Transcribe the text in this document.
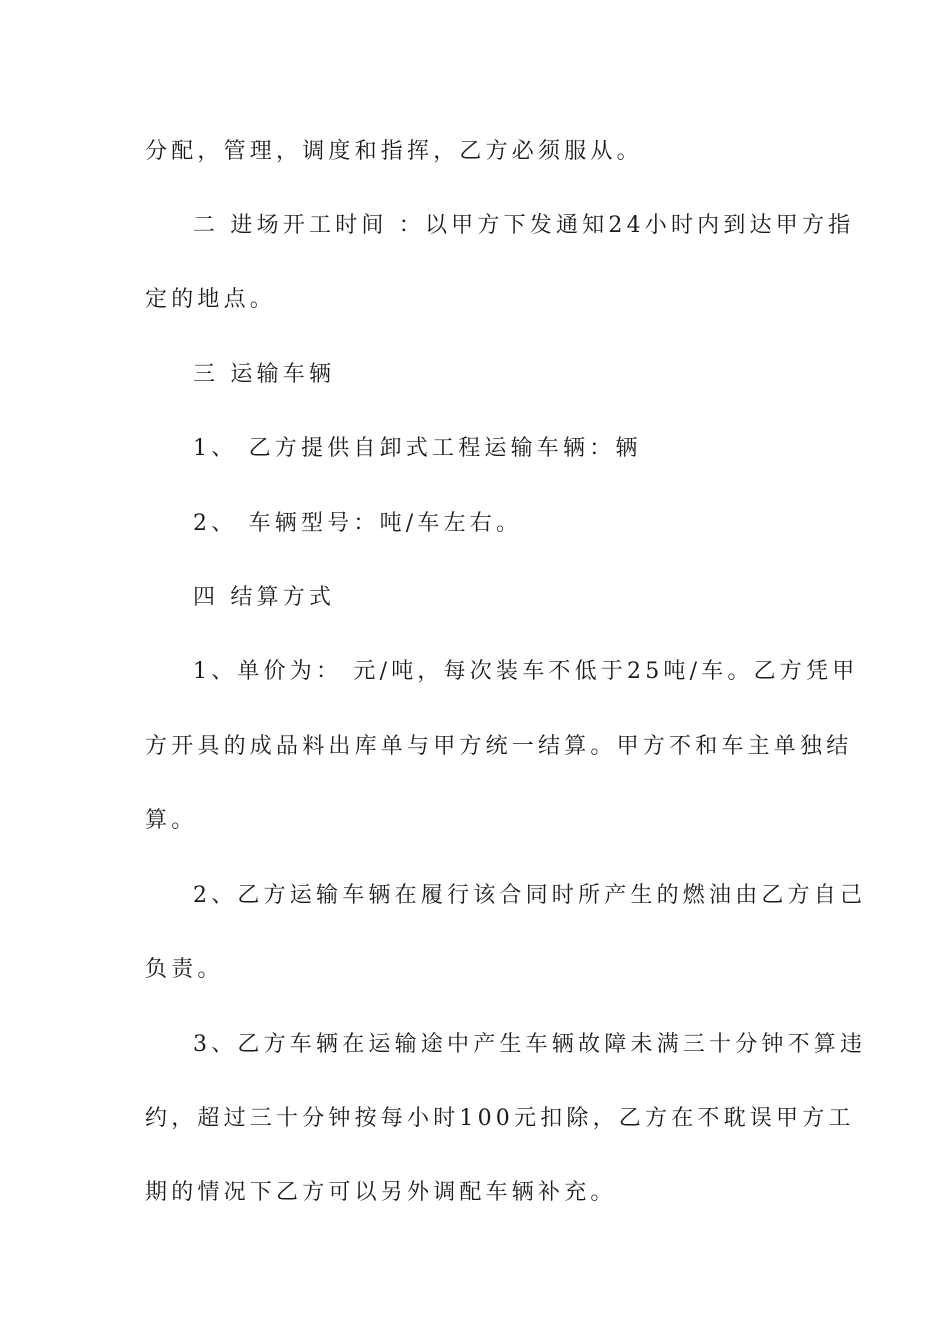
分配，管理，调度和指挥，乙方必须服从。

二 进场开工时间 ：以甲方下发通知24小时内到达甲方指

定的地点。

三 运输车辆

1、 乙方提供自卸式工程运输车辆：辆

2、 车辆型号：吨/车左右。

四 结算方式

1、单价为： 元/吨，每次装车不低于25吨/车。乙方凭甲

方开具的成品料出库单与甲方统一结算。甲方不和车主单独结

算。

2、乙方运输车辆在履行该合同时所产生的燃油由乙方自己

负责。

3、乙方车辆在运输途中产生车辆故障未满三十分钟不算违

约，超过三十分钟按每小时100元扣除，乙方在不耽误甲方工

期的情况下乙方可以另外调配车辆补充。
